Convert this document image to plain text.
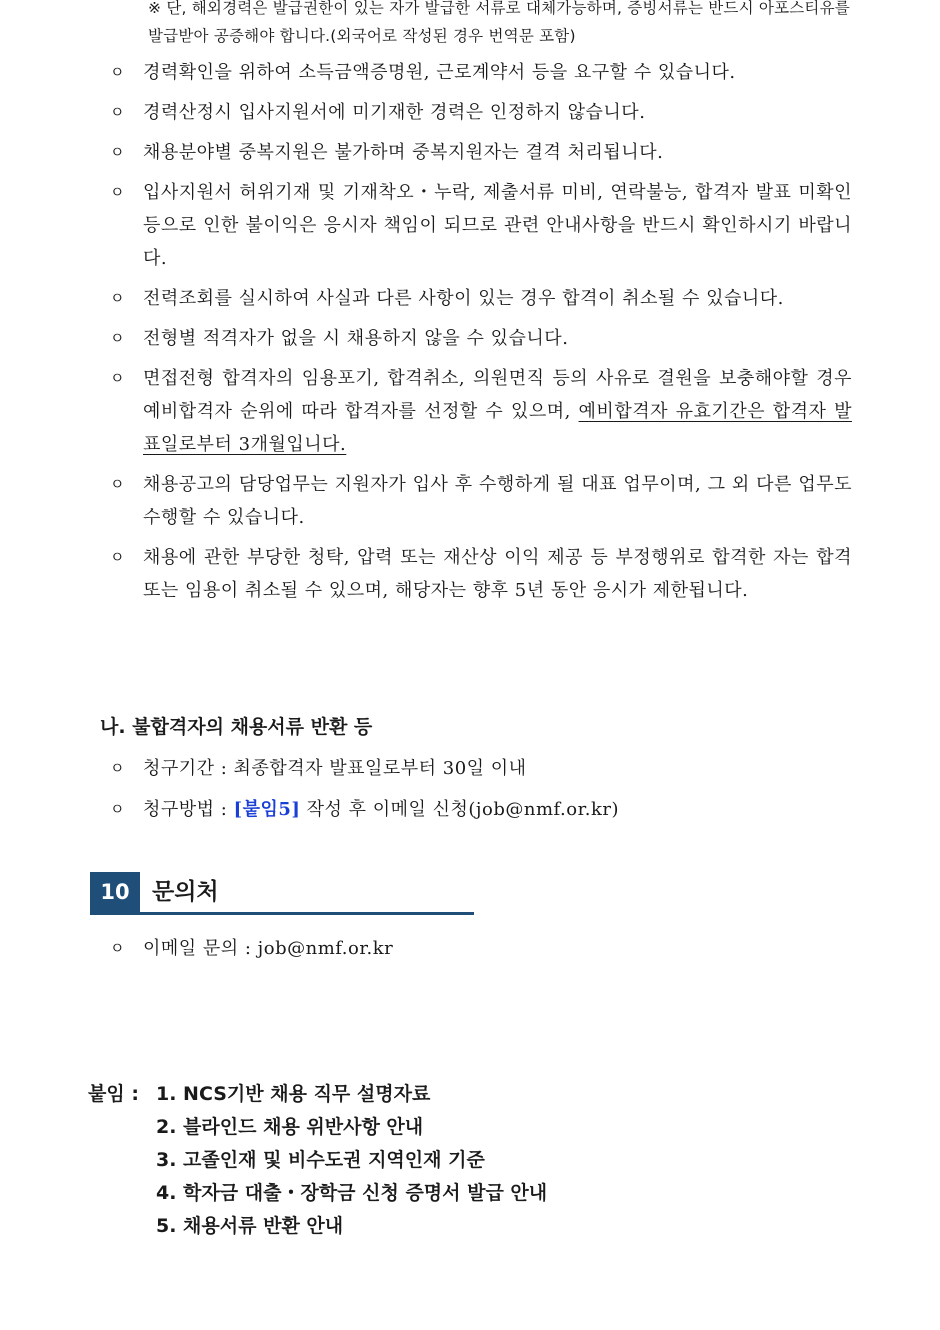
※ 단, 해외경력은 발급권한이 있는 자가 발급한 서류로 대체가능하며, 증빙서류는 반드시 아포스티유를 발급받아 공증해야 합니다.(외국어로 작성된 경우 번역문 포함)
ㅇ	경력확인을 위하여 소득금액증명원, 근로계약서 등을 요구할 수 있습니다.
ㅇ	경력산정시 입사지원서에 미기재한 경력은 인정하지 않습니다.
ㅇ	채용분야별 중복지원은 불가하며 중복지원자는 결격 처리됩니다.
ㅇ	입사지원서 허위기재 및 기재착오・누락, 제출서류 미비, 연락불능, 합격자 발표 미확인 등으로 인한 불이익은 응시자 책임이 되므로 관련 안내사항을 반드시 확인하시기 바랍니다.
ㅇ	전력조회를 실시하여 사실과 다른 사항이 있는 경우 합격이 취소될 수 있습니다.
ㅇ	전형별 적격자가 없을 시 채용하지 않을 수 있습니다.
ㅇ	면접전형 합격자의 임용포기, 합격취소, 의원면직 등의 사유로 결원을 보충해야할 경우 예비합격자 순위에 따라 합격자를 선정할 수 있으며, 예비합격자 유효기간은 합격자 발표일로부터 3개월입니다.
ㅇ	채용공고의 담당업무는 지원자가 입사 후 수행하게 될 대표 업무이며, 그 외 다른 업무도 수행할 수 있습니다.
ㅇ	채용에 관한 부당한 청탁, 압력 또는 재산상 이익 제공 등 부정행위로 합격한 자는 합격 또는 임용이 취소될 수 있으며, 해당자는 향후 5년 동안 응시가 제한됩니다.
나. 불합격자의 채용서류 반환 등
ㅇ	청구기간 : 최종합격자 발표일로부터 30일 이내
ㅇ	청구방법 : [붙임5] 작성 후 이메일 신청(job@nmf.or.kr)
10 문의처
ㅇ	이메일 문의 : job@nmf.or.kr
붙임 : 1. NCS기반 채용 직무 설명자료
2. 블라인드 채용 위반사항 안내
3. 고졸인재 및 비수도권 지역인재 기준
4. 학자금 대출・장학금 신청 증명서 발급 안내
5. 채용서류 반환 안내
